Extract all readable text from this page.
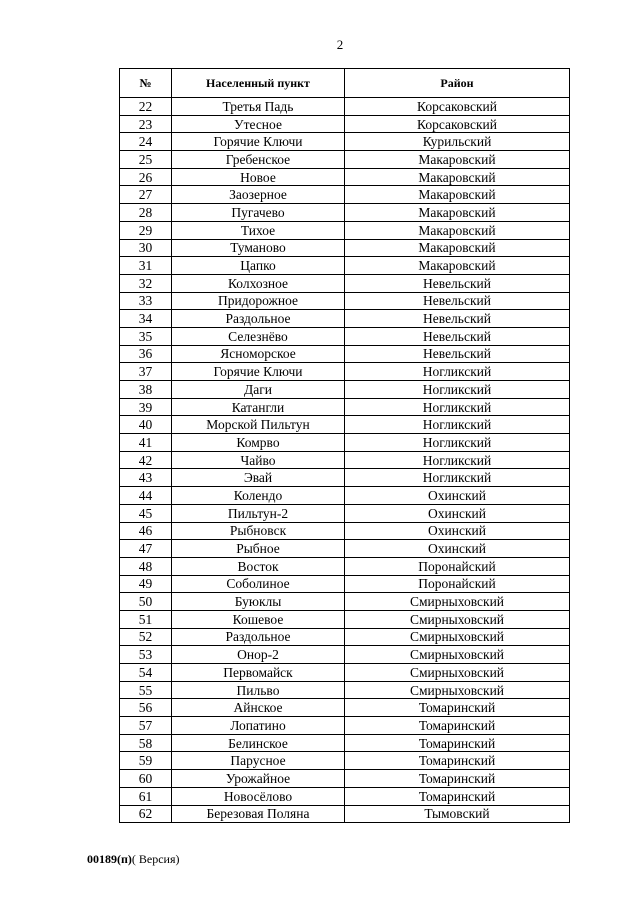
2
№	Населенный пункт	Район
22	Третья Падь	Корсаковский
23	Утесное	Корсаковский
24	Горячие Ключи	Курильский
25	Гребенское	Макаровский
26	Новое	Макаровский
27	Заозерное	Макаровский
28	Пугачево	Макаровский
29	Тихое	Макаровский
30	Туманово	Макаровский
31	Цапко	Макаровский
32	Колхозное	Невельский
33	Придорожное	Невельский
34	Раздольное	Невельский
35	Селезнёво	Невельский
36	Ясноморское	Невельский
37	Горячие Ключи	Ногликский
38	Даги	Ногликский
39	Катангли	Ногликский
40	Морской Пильтун	Ногликский
41	Комрво	Ногликский
42	Чайво	Ногликский
43	Эвай	Ногликский
44	Колендо	Охинский
45	Пильтун-2	Охинский
46	Рыбновск	Охинский
47	Рыбное	Охинский
48	Восток	Поронайский
49	Соболиное	Поронайский
50	Буюклы	Смирныховский
51	Кошевое	Смирныховский
52	Раздольное	Смирныховский
53	Онор-2	Смирныховский
54	Первомайск	Смирныховский
55	Пильво	Смирныховский
56	Айнское	Томаринский
57	Лопатино	Томаринский
58	Белинское	Томаринский
59	Парусное	Томаринский
60	Урожайное	Томаринский
61	Новосёлово	Томаринский
62	Березовая Поляна	Тымовский
00189(п)( Версия)
